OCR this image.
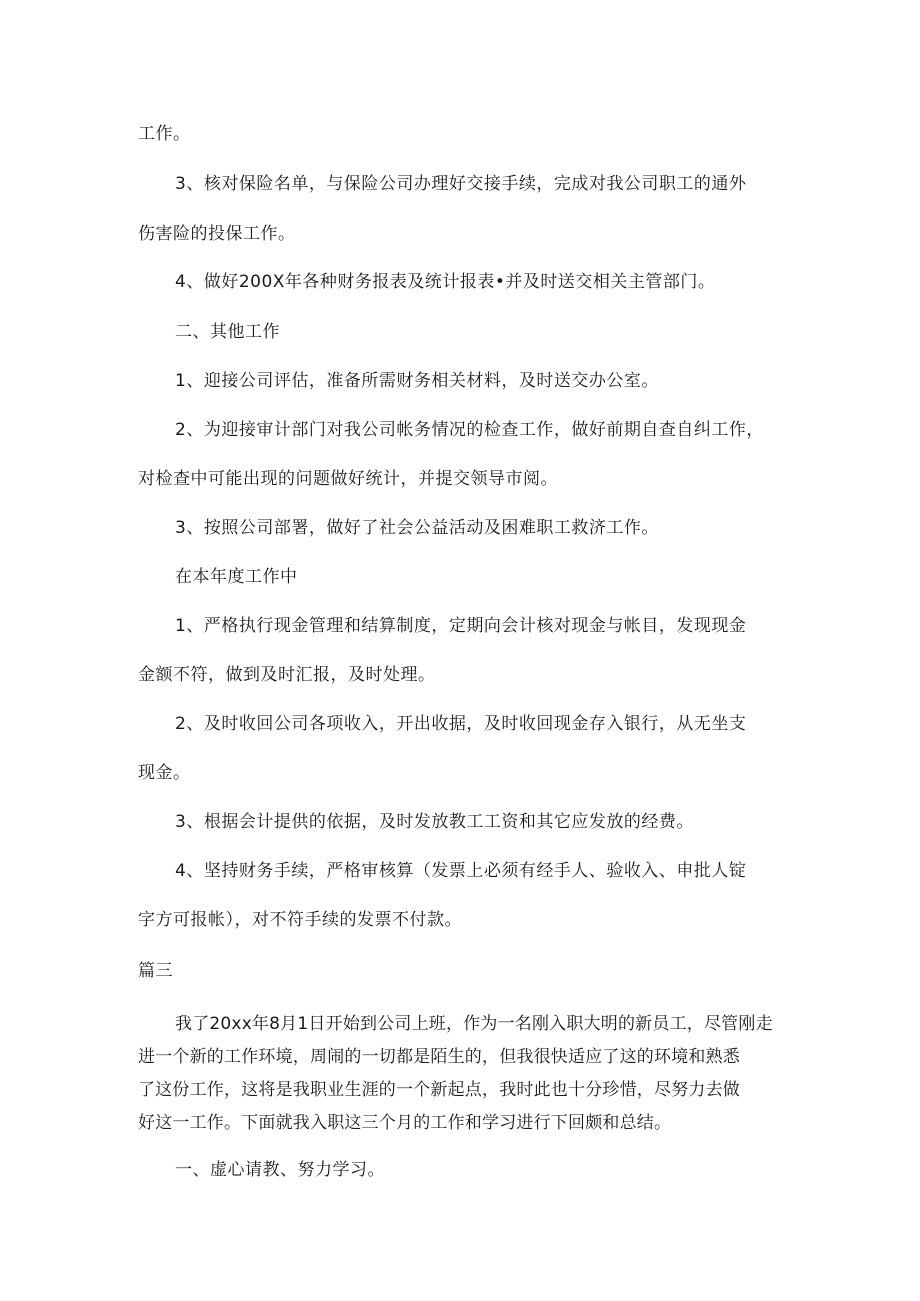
工作。
3、核对保险名单，与保险公司办理好交接手续，完成对我公司职工的通外
伤害险的投保工作。
4、做好200X年各种财务报表及统计报表•并及时送交相关主管部门。
二、其他工作
1、迎接公司评估，准备所需财务相关材料，及时送交办公室。
2、为迎接审计部门对我公司帐务情况的检查工作，做好前期自查自纠工作，
对检查中可能出现的问题做好统计，并提交领导市阅。
3、按照公司部署，做好了社会公益活动及困难职工救济工作。
在本年度工作中
1、严格执行现金管理和结算制度，定期向会计核对现金与帐目，发现现金
金额不符，做到及时汇报，及时处理。
2、及时收回公司各项收入，开出收据，及时收回现金存入银行，从无坐支
现金。
3、根据会计提供的依据，及时发放教工工资和其它应发放的经费。
4、坚持财务手续，严格审核算（发票上必须有经手人、验收入、申批人锭
字方可报帐），对不符手续的发票不付款。
篇三
我了20xx年8月1日开始到公司上班，作为一名刚入职大明的新员工，尽管刚走
进一个新的工作环境，周闹的一切都是陌生的，但我很快适应了这的环境和熟悉
了这份工作，这将是我职业生涯的一个新起点，我时此也十分珍惜，尽努力去做
好这一工作。下面就我入职这三个月的工作和学习进行下回颇和总结。
一、虚心请教、努力学习。
